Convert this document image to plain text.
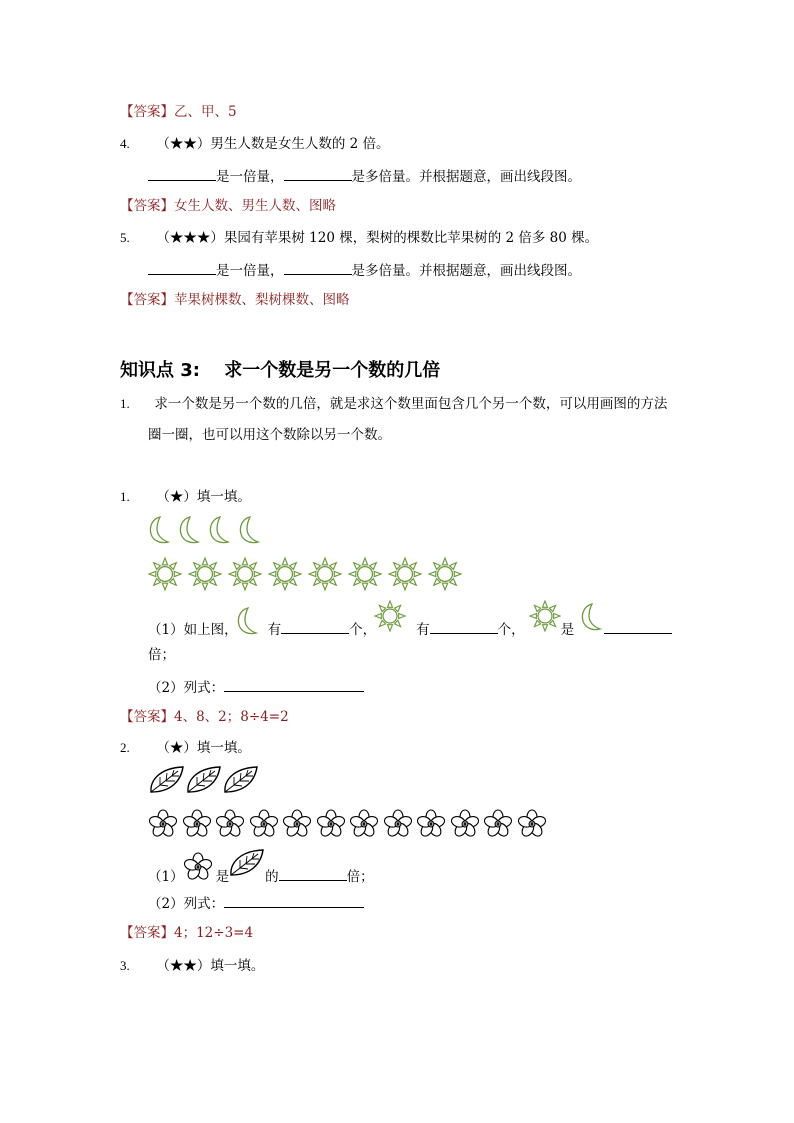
【答案】乙、甲、5
4. （★★）男生人数是女生人数的 2 倍。
是一倍量，	是多倍量。并根据题意，画出线段图。
【答案】女生人数、男生人数、图略
5. （★★★）果园有苹果树 120 棵，梨树的棵数比苹果树的 2 倍多 80 棵。
是一倍量，	是多倍量。并根据题意，画出线段图。
【答案】苹果树棵数、梨树棵数、图略
知识点 3:　 求一个数是另一个数的几倍
1. 求一个数是另一个数的几倍，就是求这个数里面包含几个另一个数，可以用画图的方法
圈一圈，也可以用这个数除以另一个数。
1. （★）填一填。
（1）如上图， 有	个，	有	个，	是
倍；
（2）列式：
【答案】4、8、2；8÷4=2
2. （★）填一填。
（1） 是	的	倍；
（2）列式：
【答案】4；12÷3=4
3. （★★）填一填。
